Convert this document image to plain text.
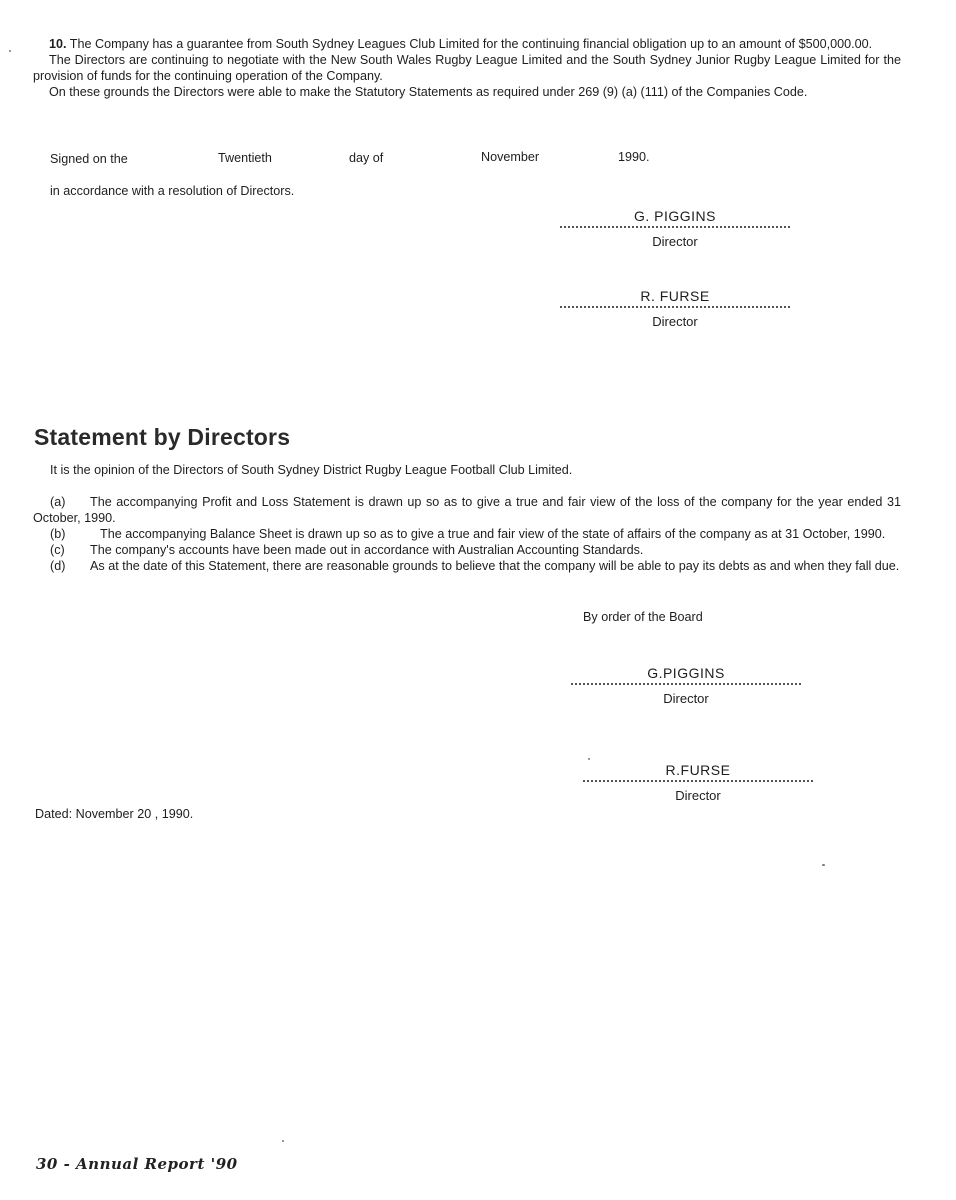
10. The Company has a guarantee from South Sydney Leagues Club Limited for the continuing financial obligation up to an amount of $500,000.00.
The Directors are continuing to negotiate with the New South Wales Rugby League Limited and the South Sydney Junior Rugby League Limited for the provision of funds for the continuing operation of the Company.
On these grounds the Directors were able to make the Statutory Statements as required under 269 (9) (a) (111) of the Companies Code.
Signed on the	Twentieth	day of	November	1990.
in accordance with a resolution of Directors.
G. PIGGINS
Director
R. FURSE
Director
Statement by Directors
It is the opinion of the Directors of South Sydney District Rugby League Football Club Limited.
(a) The accompanying Profit and Loss Statement is drawn up so as to give a true and fair view of the loss of the company for the year ended 31 October, 1990.
(b)	The accompanying Balance Sheet is drawn up so as to give a true and fair view of the state of affairs of the company as at 31 October, 1990.
(c) The company's accounts have been made out in accordance with Australian Accounting Standards.
(d) As at the date of this Statement, there are reasonable grounds to believe that the company will be able to pay its debts as and when they fall due.
By order of the Board
G.PIGGINS
Director
R.FURSE
Director
Dated: November 20 , 1990.
30 - Annual Report '90
